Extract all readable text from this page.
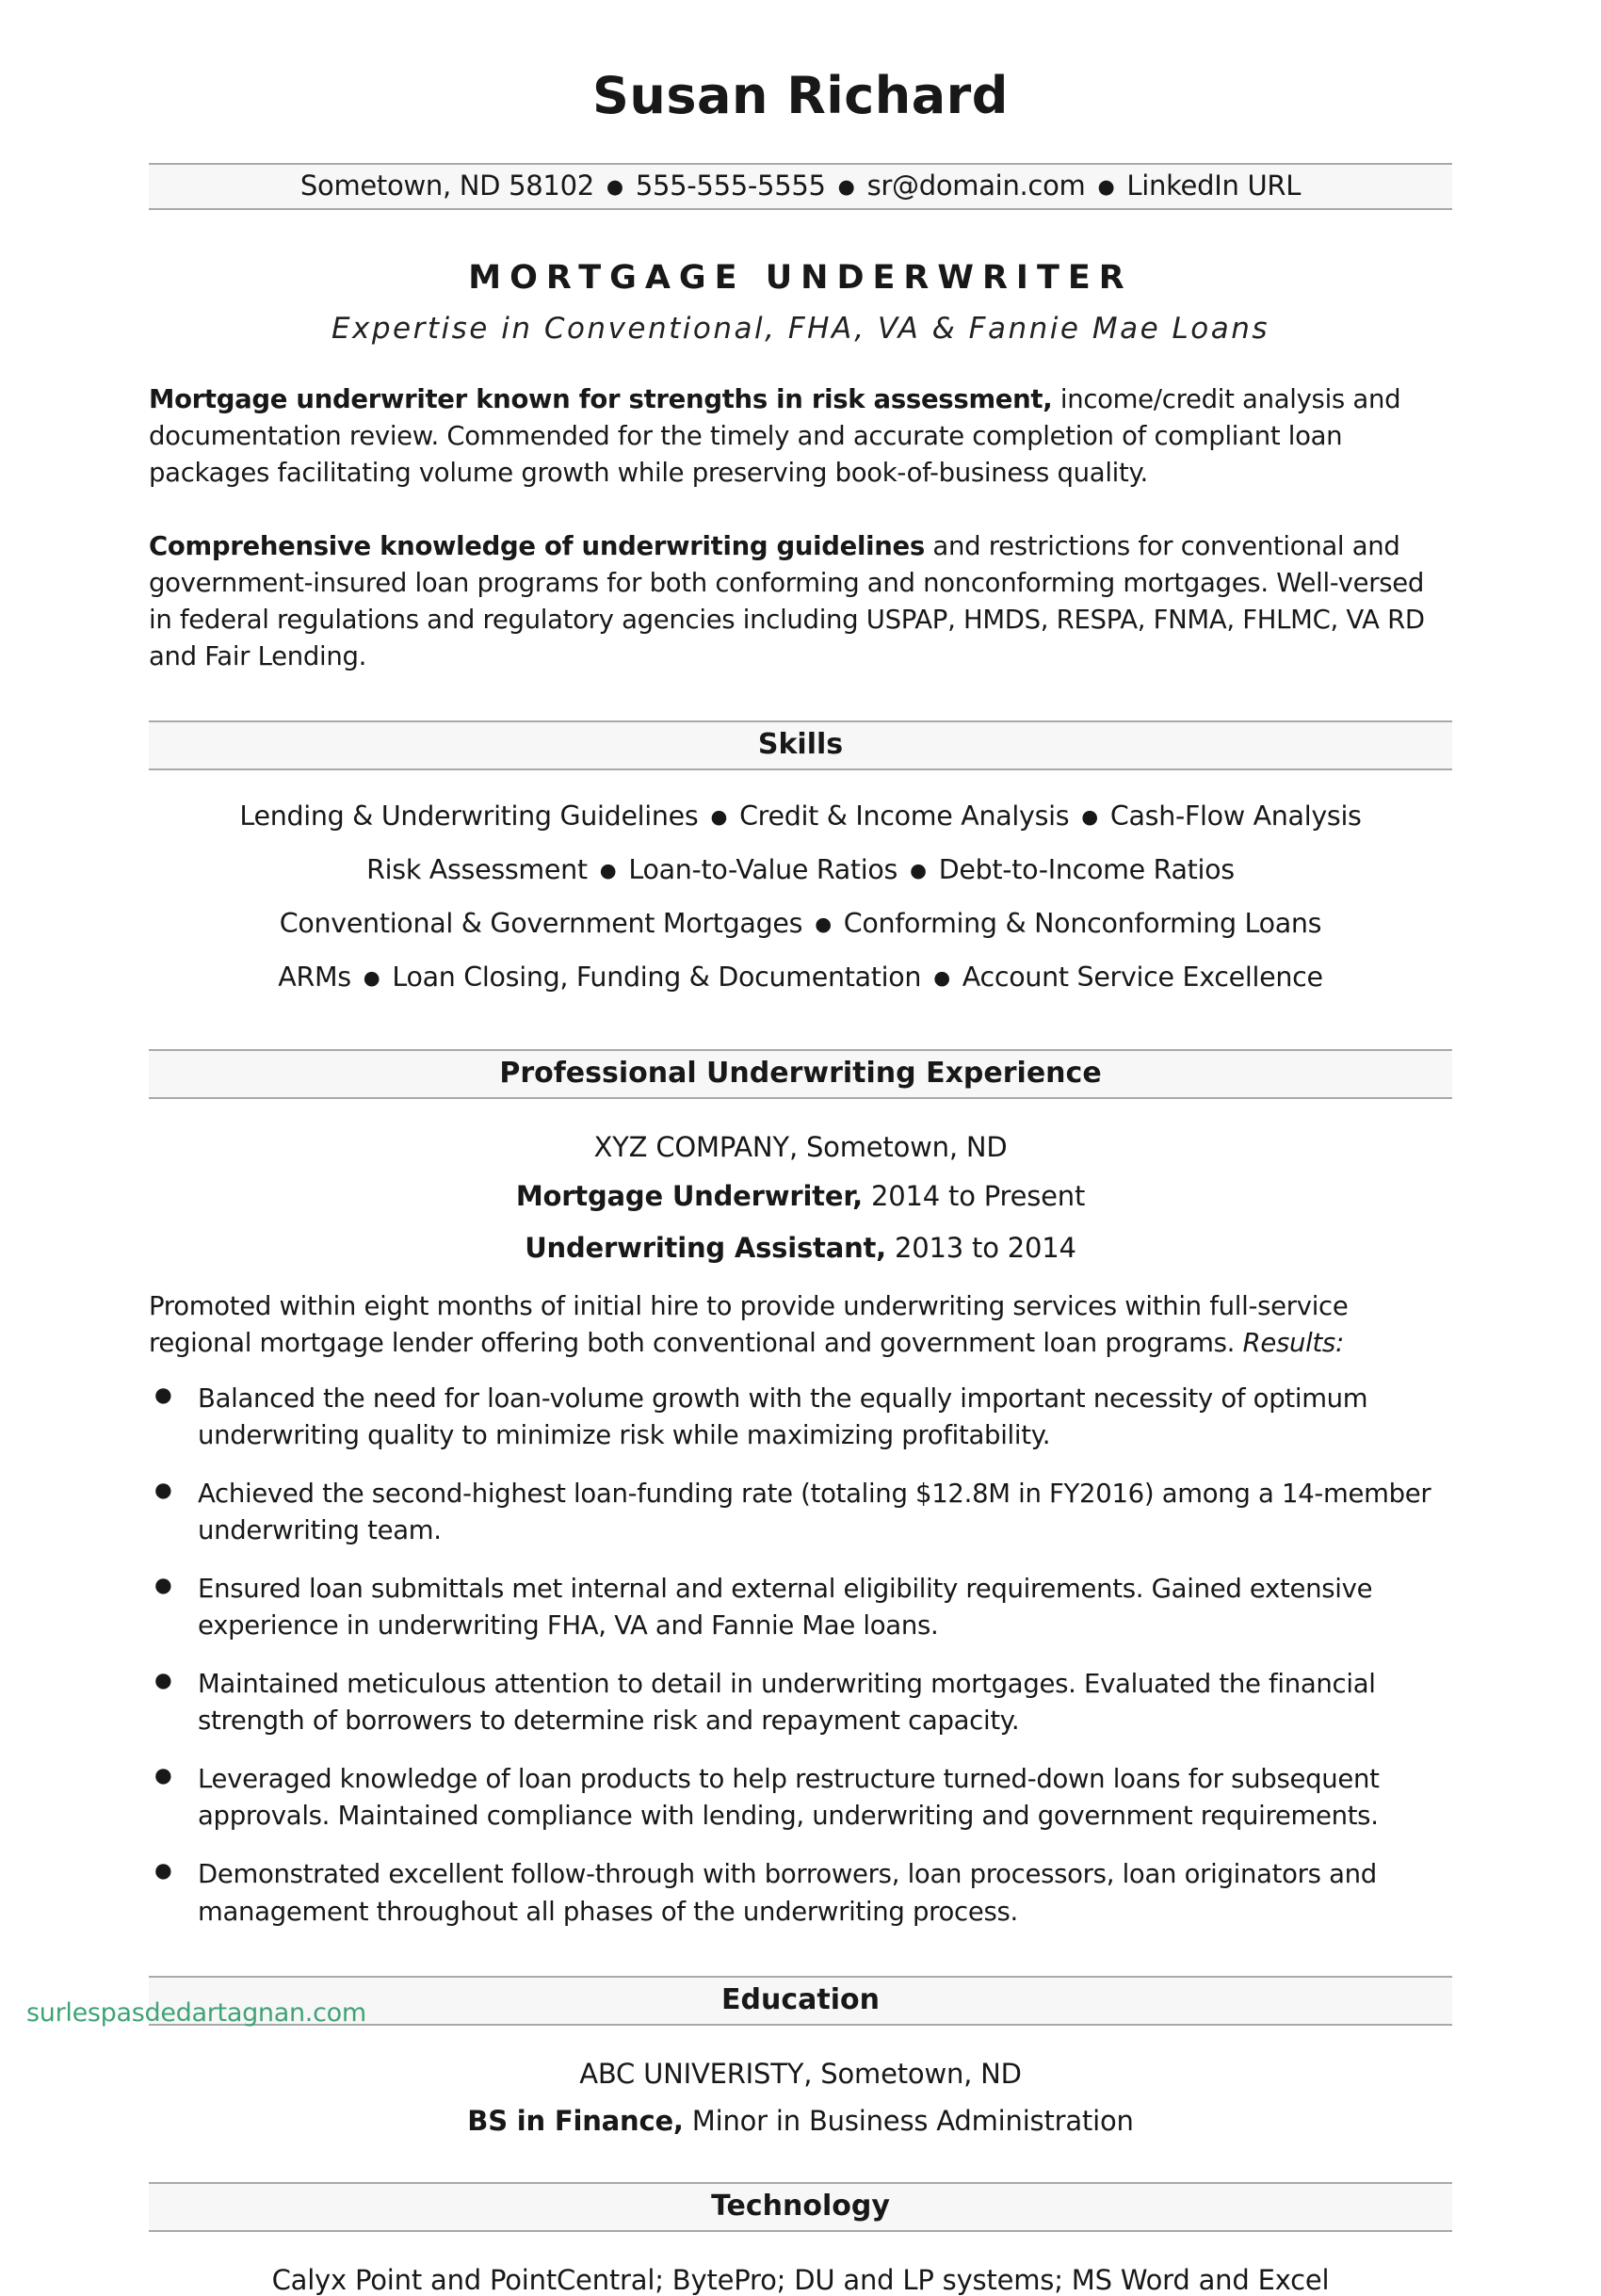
Susan Richard
Sometown, ND 58102 ● 555-555-5555 ● sr@domain.com ● LinkedIn URL
MORTGAGE UNDERWRITER
Expertise in Conventional, FHA, VA & Fannie Mae Loans

Mortgage underwriter known for strengths in risk assessment, income/credit analysis and documentation review. Commended for the timely and accurate completion of compliant loan packages facilitating volume growth while preserving book-of-business quality.

Comprehensive knowledge of underwriting guidelines and restrictions for conventional and government-insured loan programs for both conforming and nonconforming mortgages. Well-versed in federal regulations and regulatory agencies including USPAP, HMDS, RESPA, FNMA, FHLMC, VA RD and Fair Lending.

Skills
Lending & Underwriting Guidelines ● Credit & Income Analysis ● Cash-Flow Analysis
Risk Assessment ● Loan-to-Value Ratios ● Debt-to-Income Ratios
Conventional & Government Mortgages ● Conforming & Nonconforming Loans
ARMs ● Loan Closing, Funding & Documentation ● Account Service Excellence
Professional Underwriting Experience
XYZ COMPANY, Sometown, ND
Mortgage Underwriter, 2014 to Present
Underwriting Assistant, 2013 to 2014

Promoted within eight months of initial hire to provide underwriting services within full-service regional mortgage lender offering both conventional and government loan programs. Results:

● Balanced the need for loan-volume growth with the equally important necessity of optimum underwriting quality to minimize risk while maximizing profitability.
● Achieved the second-highest loan-funding rate (totaling $12.8M in FY2016) among a 14-member underwriting team.
● Ensured loan submittals met internal and external eligibility requirements. Gained extensive experience in underwriting FHA, VA and Fannie Mae loans.
● Maintained meticulous attention to detail in underwriting mortgages. Evaluated the financial strength of borrowers to determine risk and repayment capacity.
● Leveraged knowledge of loan products to help restructure turned-down loans for subsequent approvals. Maintained compliance with lending, underwriting and government requirements.
● Demonstrated excellent follow-through with borrowers, loan processors, loan originators and management throughout all phases of the underwriting process.
Education
ABC UNIVERISTY, Sometown, ND
BS in Finance, Minor in Business Administration
Technology
Calyx Point and PointCentral; BytePro; DU and LP systems; MS Word and Excel
surlespasdedartagnan.com
